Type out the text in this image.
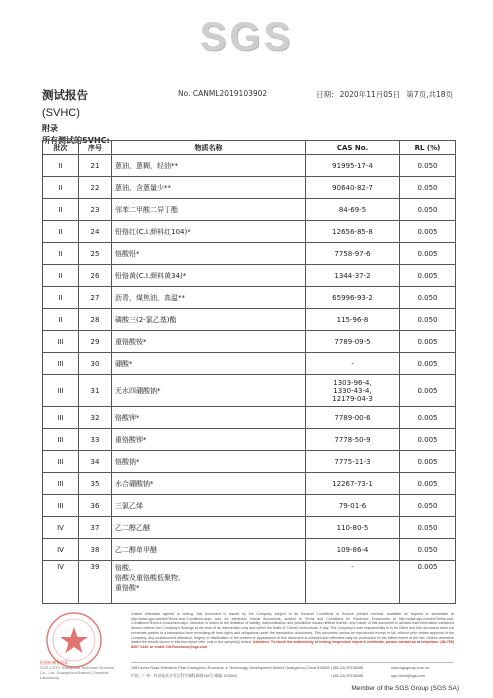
SGS
测试报告
(SVHC)
附录
所有测试的SVHC:
No. CANML2019103902	日期: 2020年11月05日 第7页,共18页
批次	序号	物质名称	CAS No.	RL (%)
II	21	蒽油，蒽糊，轻油**	91995-17-4	0.050
II	22	蒽油，含蒽量少**	90640-82-7	0.050
II	23	邻苯二甲酸二异丁酯	84-69-5	0.050
II	24	铅铬红(C.I.颜料红104)*	12656-85-8	0.005
II	25	铬酸铅*	7758-97-6	0.005
II	26	铅铬黄(C.I.颜料黄34)*	1344-37-2	0.005
II	27	沥青，煤焦油，高温**	65996-93-2	0.050
II	28	磷酸三(2-氯乙基)酯	115-96-8	0.050
III	29	重铬酸铵*	7789-09-5	0.005
III	30	硼酸*	-	0.005
III	31	无水四硼酸钠*	1303-96-4,
1330-43-4,
12179-04-3	0.005
III	32	铬酸钾*	7789-00-6	0.005
III	33	重铬酸钾*	7778-50-9	0.005
III	34	铬酸钠*	7775-11-3	0.005
III	35	水合硼酸钠*	12267-73-1	0.005
III	36	三氯乙烯	79-01-6	0.050
IV	37	乙二醇乙醚	110-80-5	0.050
IV	38	乙二醇单甲醚	109-86-4	0.050
IV	39	铬酸,
铬酸及重铬酸低聚物,
重铬酸*	-	0.005
检验检测专用章
SGS-CSTC Standards Technical Services Co., Ltd. Guangzhou Branch Chemical Laboratory
Unless otherwise agreed in writing, this document is issued by the Company subject to its General Conditions of Service printed overleaf, available on request or accessible at http://www.sgs.com/en/Terms-and-Conditions.aspx and, for electronic format documents, subject to Terms and Conditions for Electronic Documents at http://www.sgs.com/en/Terms-and-Conditions/Terms-e-Document.aspx. Attention is drawn to the limitation of liability, indemnification and jurisdiction issues defined therein. Any holder of this document is advised that information contained hereon reflects the Company's findings at the time of its intervention only and within the limits of Client's instructions, if any. The Company's sole responsibility is to its Client and this document does not exonerate parties to a transaction from exercising all their rights and obligations under the transaction documents. This document cannot be reproduced except in full, without prior written approval of the Company. Any unauthorized alteration, forgery or falsification of the content or appearance of this document is unlawful and offenders may be prosecuted to the fullest extent of the law. Unless otherwise stated the results shown in this test report refer only to the sample(s) tested. Attention: To check the authenticity of testing /inspection report & certificate, please contact us at telephone: (86-755) 8307 1443, or email: CN.Doccheck@sgs.com
198 Kezhu Road,Scientech Park Guangzhou Economic & Technology Development District,Guangzhou,China 510663 t (86-20) 82155555	www.sgsgroup.com.cn
中国・广州・经济技术开发区科学城科珠路198号 邮编: 510663	t (86-20) 82155555	sgs.china@sgs.com
Member of the SGS Group (SGS SA)
